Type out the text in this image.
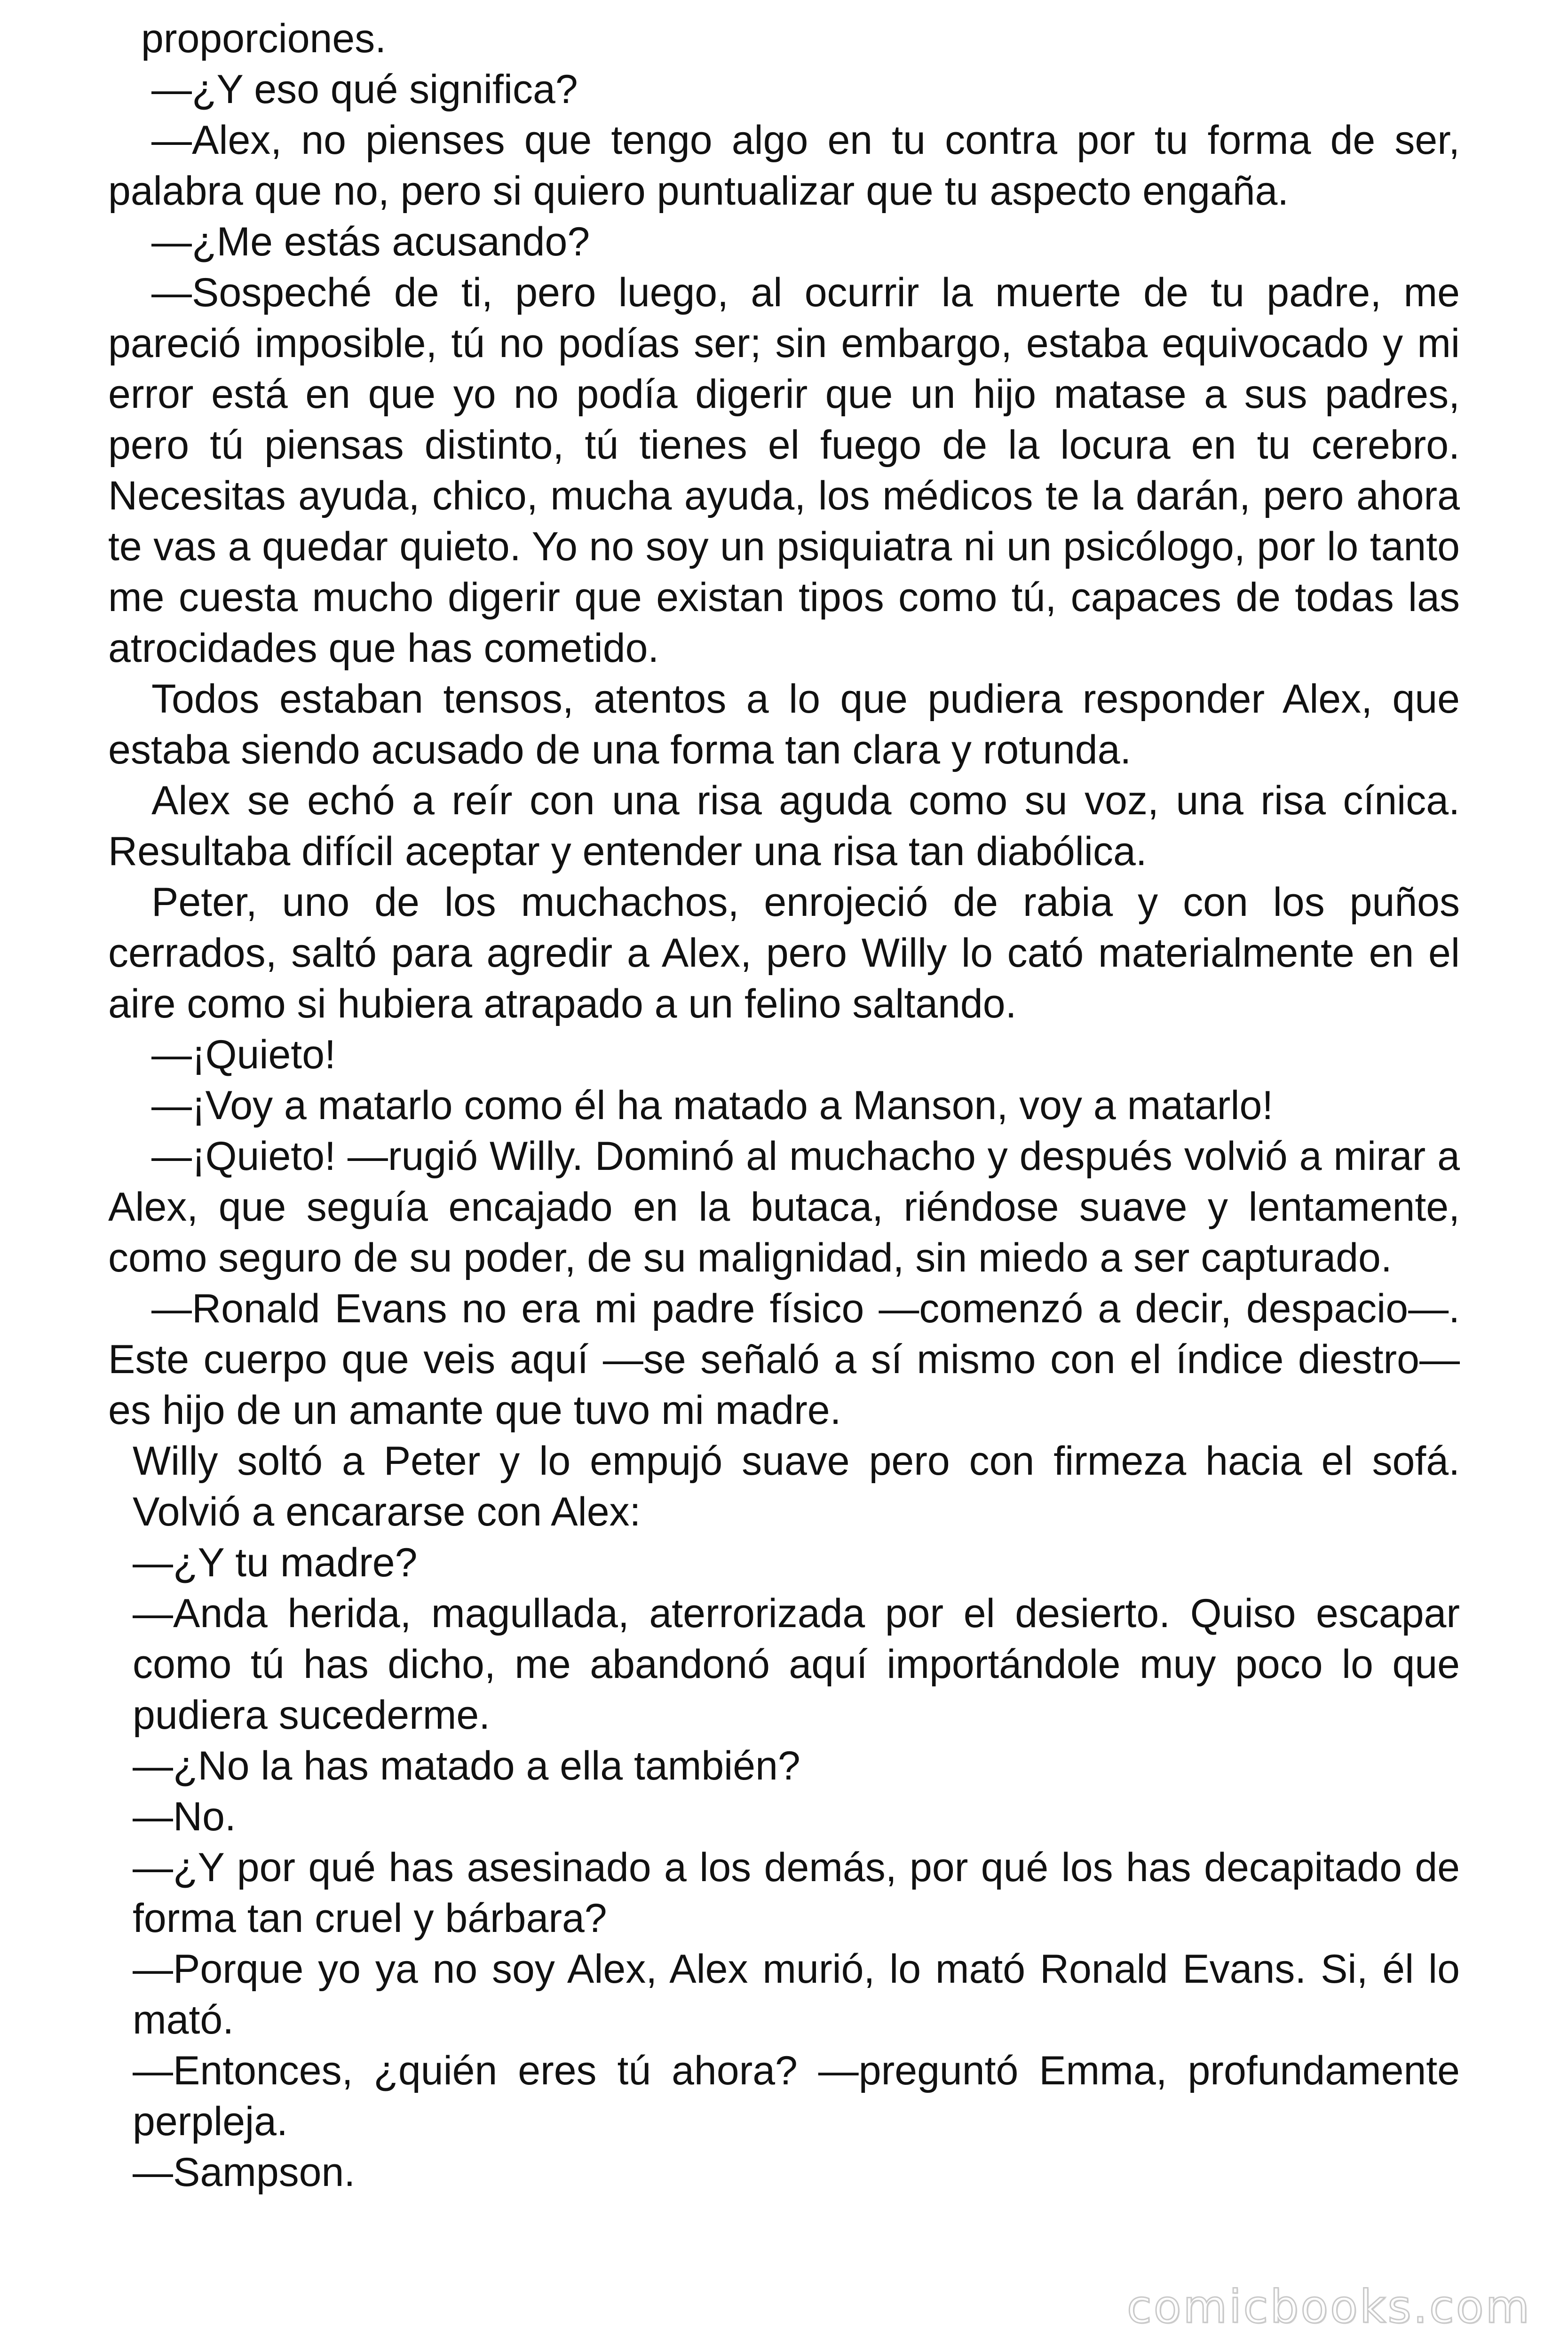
proporciones.

—¿Y eso qué significa?

—Alex, no pienses que tengo algo en tu contra por tu forma de ser, palabra que no, pero si quiero puntualizar que tu aspecto engaña.

—¿Me estás acusando?

—Sospeché de ti, pero luego, al ocurrir la muerte de tu padre, me pareció imposible, tú no podías ser; sin embargo, estaba equivocado y mi error está en que yo no podía digerir que un hijo matase a sus padres, pero tú piensas distinto, tú tienes el fuego de la locura en tu cerebro. Necesitas ayuda, chico, mucha ayuda, los médicos te la darán, pero ahora te vas a quedar quieto. Yo no soy un psiquiatra ni un psicólogo, por lo tanto me cuesta mucho digerir que existan tipos como tú, capaces de todas las atrocidades que has cometido.

Todos estaban tensos, atentos a lo que pudiera responder Alex, que estaba siendo acusado de una forma tan clara y rotunda.

Alex se echó a reír con una risa aguda como su voz, una risa cínica. Resultaba difícil aceptar y entender una risa tan diabólica.

Peter, uno de los muchachos, enrojeció de rabia y con los puños cerrados, saltó para agredir a Alex, pero Willy lo cató materialmente en el aire como si hubiera atrapado a un felino saltando.

—¡Quieto!

—¡Voy a matarlo como él ha matado a Manson, voy a matarlo!

—¡Quieto! —rugió Willy. Dominó al muchacho y después volvió a mirar a Alex, que seguía encajado en la butaca, riéndose suave y lentamente, como seguro de su poder, de su malignidad, sin miedo a ser capturado.

—Ronald Evans no era mi padre físico —comenzó a decir, despacio—. Este cuerpo que veis aquí —se señaló a sí mismo con el índice diestro— es hijo de un amante que tuvo mi madre.

Willy soltó a Peter y lo empujó suave pero con firmeza hacia el sofá. Volvió a encararse con Alex:

—¿Y tu madre?

—Anda herida, magullada, aterrorizada por el desierto. Quiso escapar como tú has dicho, me abandonó aquí importándole muy poco lo que pudiera sucederme.

—¿No la has matado a ella también?

—No.

—¿Y por qué has asesinado a los demás, por qué los has decapitado de forma tan cruel y bárbara?

—Porque yo ya no soy Alex, Alex murió, lo mató Ronald Evans. Si, él lo mató.

—Entonces, ¿quién eres tú ahora? —preguntó Emma, profundamente perpleja.

—Sampson.

comicbooks.com
